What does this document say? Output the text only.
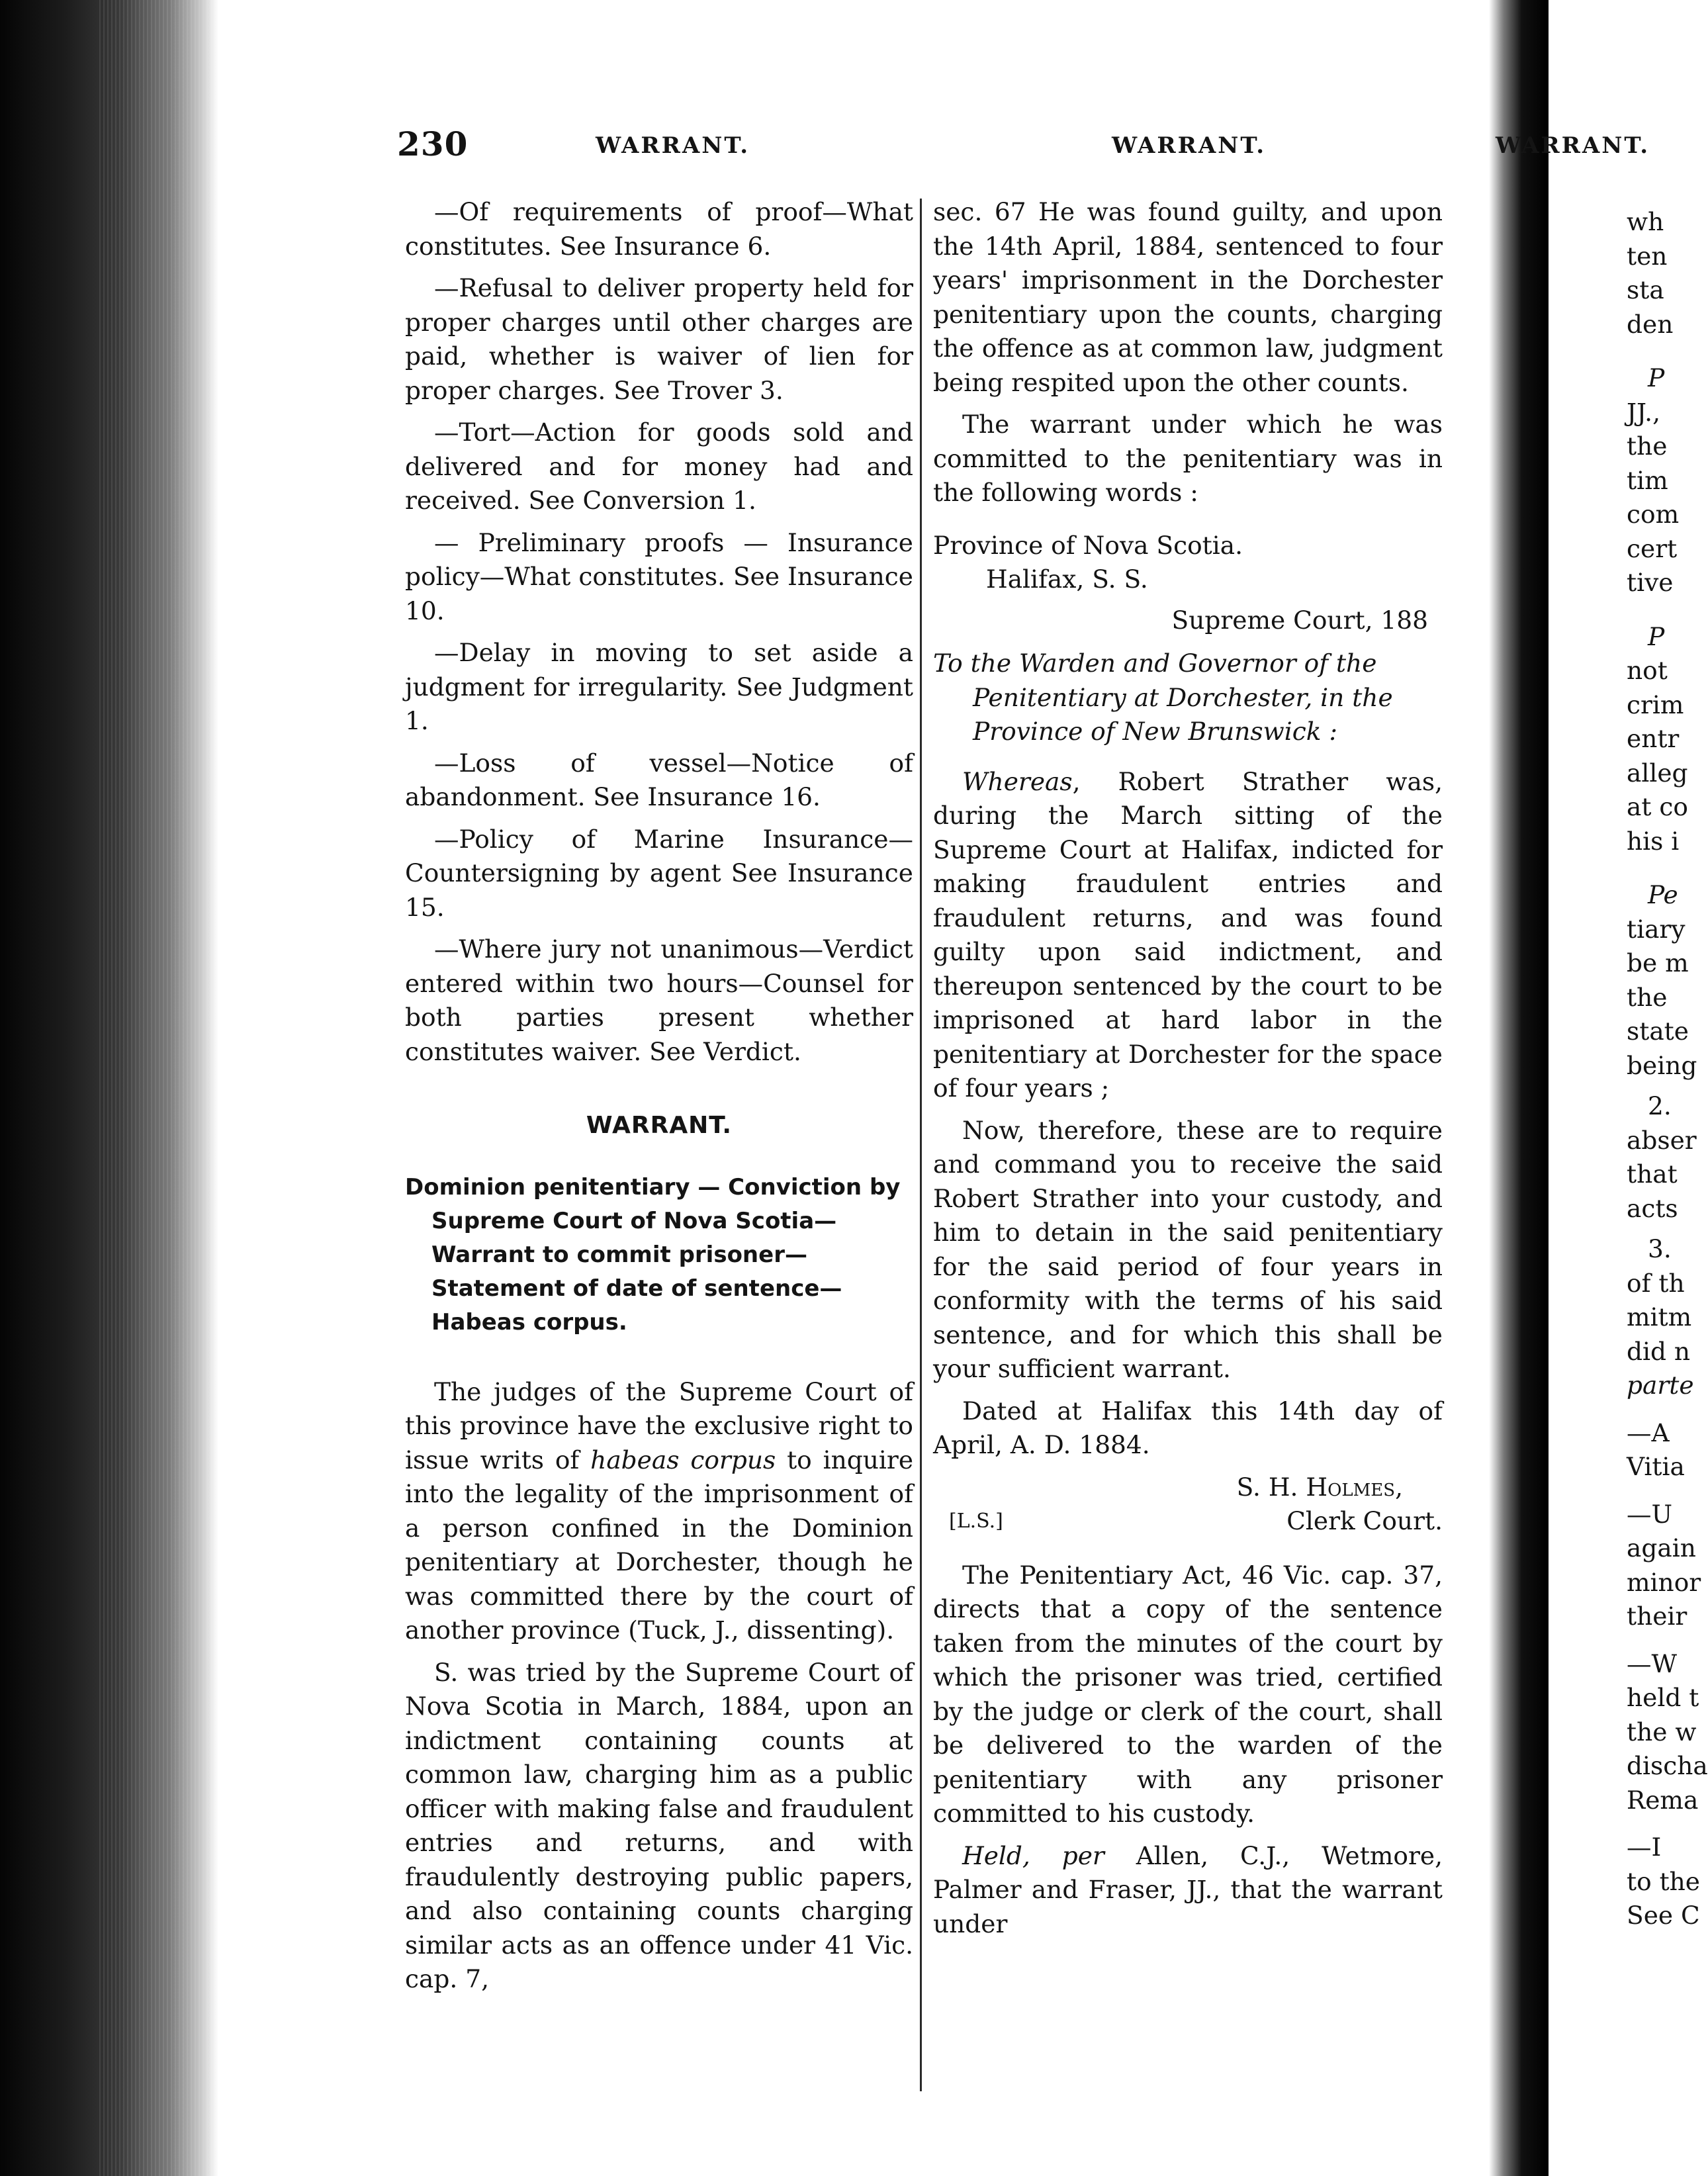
230	WARRANT.	WARRANT.

—Of requirements of proof—What constitutes. See Insurance 6.

—Refusal to deliver property held for proper charges until other charges are paid, whether is waiver of lien for proper charges. See Trover 3.

—Tort—Action for goods sold and delivered and for money had and received. See Conversion 1.

— Preliminary proofs — Insurance policy—What constitutes. See Insurance 10.

—Delay in moving to set aside a judgment for irregularity. See Judgment 1.

—Loss of vessel—Notice of abandonment. See Insurance 16.

—Policy of Marine Insurance—Countersigning by agent See Insurance 15.

—Where jury not unanimous—Verdict entered within two hours—Counsel for both parties present whether constitutes waiver. See Verdict.

WARRANT.

Dominion penitentiary — Conviction by Supreme Court of Nova Scotia—Warrant to commit prisoner— Statement of date of sentence—Habeas corpus.

The judges of the Supreme Court of this province have the exclusive right to issue writs of habeas corpus to inquire into the legality of the imprisonment of a person confined in the Dominion penitentiary at Dorchester, though he was committed there by the court of another province (Tuck, J., dissenting).

S. was tried by the Supreme Court of Nova Scotia in March, 1884, upon an indictment containing counts at common law, charging him as a public officer with making false and fraudulent entries and returns, and with fraudulently destroying public papers, and also containing counts charging similar acts as an offence under 41 Vic. cap. 7,

sec. 67 He was found guilty, and upon the 14th April, 1884, sentenced to four years' imprisonment in the Dorchester penitentiary upon the counts, charging the offence as at common law, judgment being respited upon the other counts.

The warrant under which he was committed to the penitentiary was in the following words :

Province of Nova Scotia.

Halifax, S. S.

Supreme Court, 188

To the Warden and Governor of the Penitentiary at Dorchester, in the Province of New Brunswick :

Whereas, Robert Strather was, during the March sitting of the Supreme Court at Halifax, indicted for making fraudulent entries and fraudulent returns, and was found guilty upon said indictment, and thereupon sentenced by the court to be imprisoned at hard labor in the penitentiary at Dorchester for the space of four years ;

Now, therefore, these are to require and command you to receive the said Robert Strather into your custody, and him to detain in the said penitentiary for the said period of four years in conformity with the terms of his said sentence, and for which this shall be your sufficient warrant.

Dated at Halifax this 14th day of April, A. D. 1884.

S. H. Holmes,

[L.S.]	Clerk Court.

The Penitentiary Act, 46 Vic. cap. 37, directs that a copy of the sentence taken from the minutes of the court by which the prisoner was tried, certified by the judge or clerk of the court, shall be delivered to the warden of the penitentiary with any prisoner committed to his custody.

Held, per Allen, C.J., Wetmore, Palmer and Fraser, JJ., that the warrant under

WARRANT.
wh
ten
sta
den
P
JJ.,
the
tim
com
cert
tive
P
not
crim
entr
alleg
at co
his i
Pe
tiary
be m
the
state
being
2.
abser
that
acts
3.
of th
mitm
did n
parte
—A
Vitia
—U
again
minor
their
—W
held t
the w
discha
Rema
—I
to the
See C
